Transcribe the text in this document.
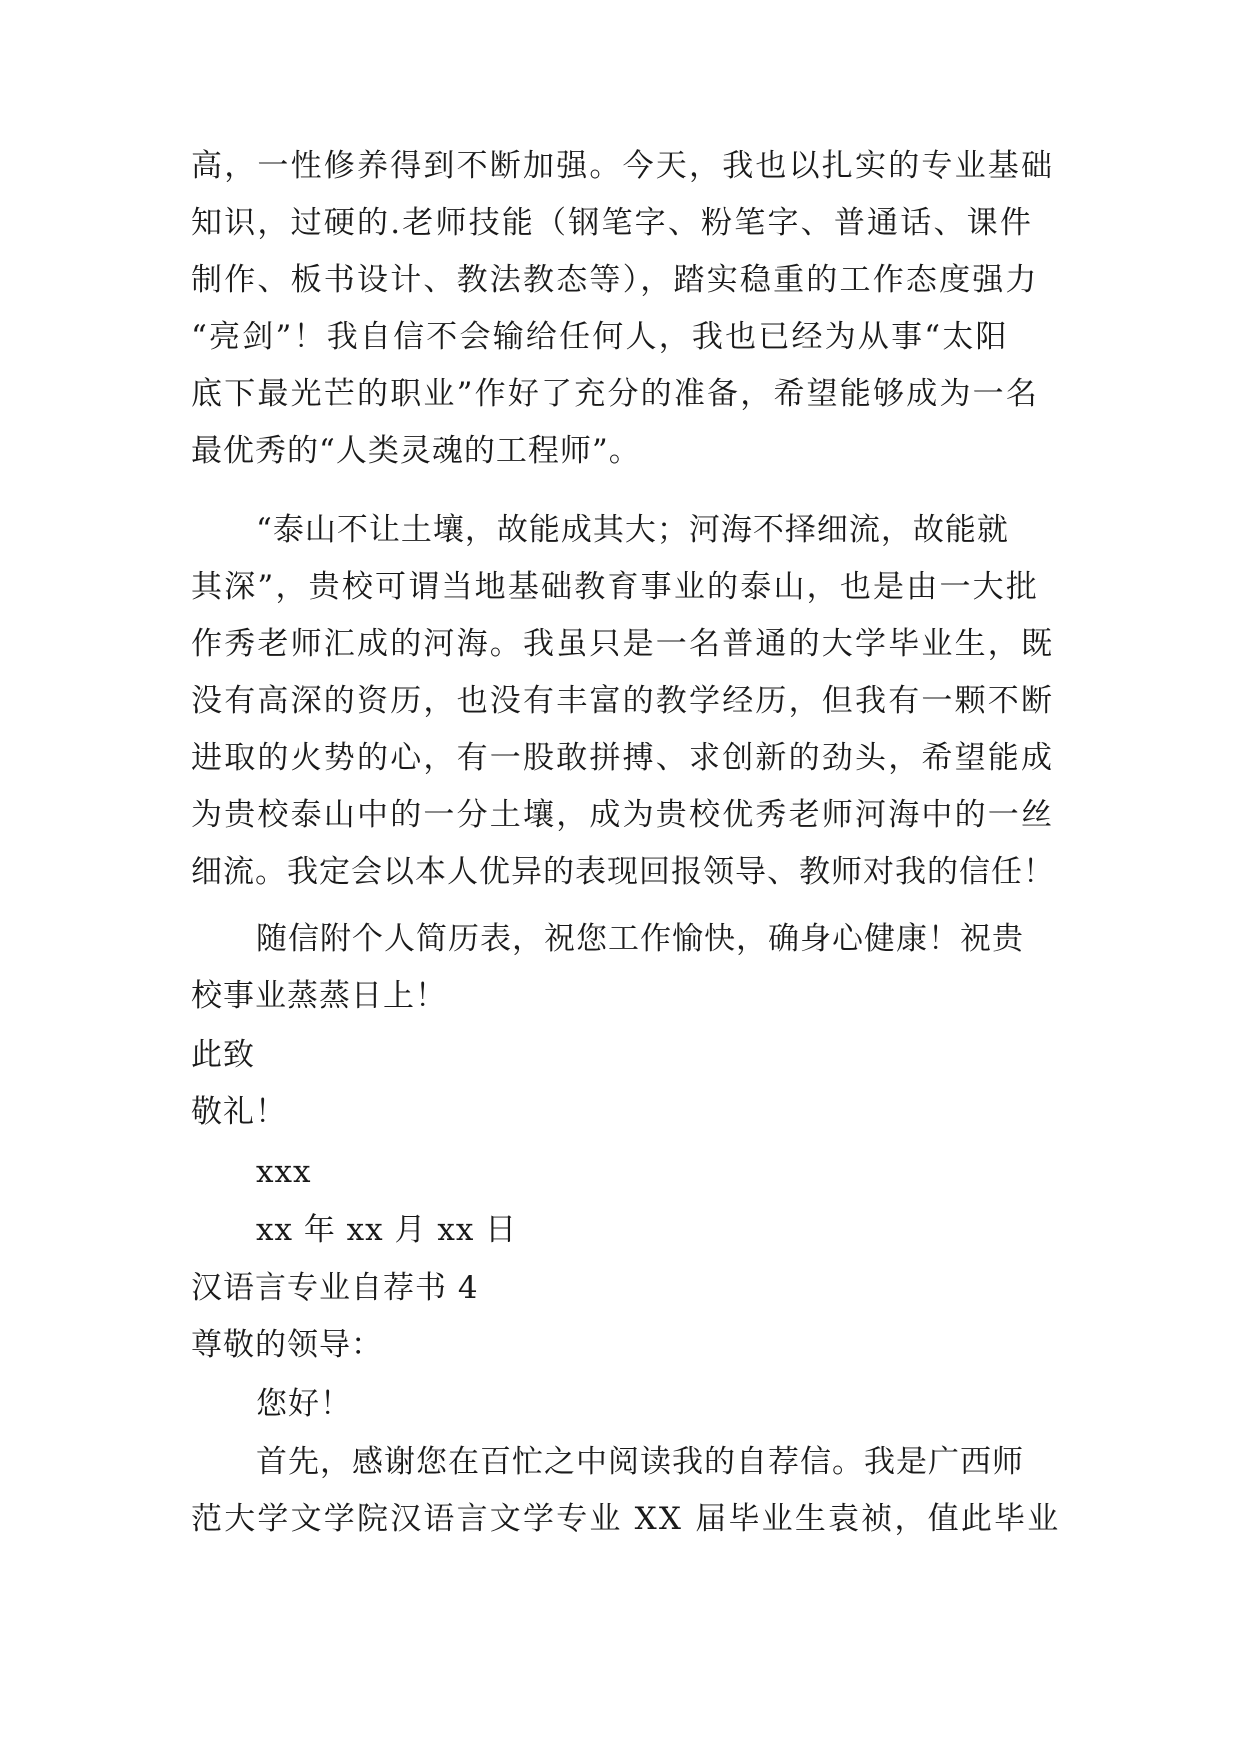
高，一性修养得到不断加强。今天，我也以扎实的专业基础
知识，过硬的.老师技能（钢笔字、粉笔字、普通话、课件
制作、板书设计、教法教态等），踏实稳重的工作态度强力
“亮剑”！我自信不会输给任何人，我也已经为从事“太阳
底下最光芒的职业”作好了充分的准备，希望能够成为一名
最优秀的“人类灵魂的工程师”。
“泰山不让土壤，故能成其大；河海不择细流，故能就
其深”，贵校可谓当地基础教育事业的泰山，也是由一大批
作秀老师汇成的河海。我虽只是一名普通的大学毕业生，既
没有高深的资历，也没有丰富的教学经历，但我有一颗不断
进取的火势的心，有一股敢拼搏、求创新的劲头，希望能成
为贵校泰山中的一分土壤，成为贵校优秀老师河海中的一丝
细流。我定会以本人优异的表现回报领导、教师对我的信任！
随信附个人简历表，祝您工作愉快，确身心健康！祝贵
校事业蒸蒸日上！
此致
敬礼！
xxx
xx 年 xx 月 xx 日
汉语言专业自荐书 4
尊敬的领导：
您好！
首先，感谢您在百忙之中阅读我的自荐信。我是广西师
范大学文学院汉语言文学专业 XX 届毕业生袁祯，值此毕业
